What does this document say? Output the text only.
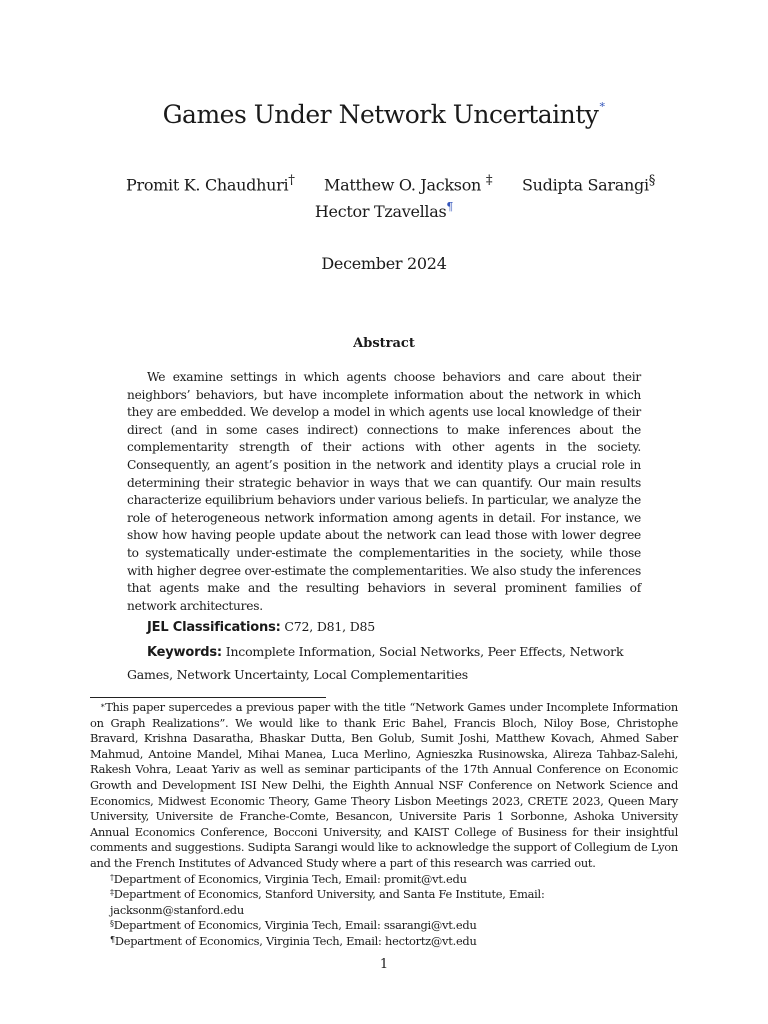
Games Under Network Uncertainty∗
Promit K. Chaudhuri† Matthew O. Jackson ‡ Sudipta Sarangi§
Hector Tzavellas¶
December 2024
Abstract

We examine settings in which agents choose behaviors and care about their neighbors’ behaviors, but have incomplete information about the network in which they are embedded. We develop a model in which agents use local knowledge of their direct (and in some cases indirect) connections to make inferences about the complementarity strength of their actions with other agents in the society. Consequently, an agent’s position in the network and identity plays a crucial role in determining their strategic behavior in ways that we can quantify. Our main results characterize equilibrium behaviors under various beliefs. In particular, we analyze the role of heterogeneous network information among agents in detail. For instance, we show how having people update about the network can lead those with lower degree to systematically under-estimate the complementarities in the society, while those with higher degree over-estimate the complementarities. We also study the inferences that agents make and the resulting behaviors in several prominent families of network architectures.

JEL Classifications: C72, D81, D85

Keywords: Incomplete Information, Social Networks, Peer Effects, Network Games, Network Uncertainty, Local Complementarities

∗This paper supercedes a previous paper with the title “Network Games under Incomplete Information on Graph Realizations”. We would like to thank Eric Bahel, Francis Bloch, Niloy Bose, Christophe Bravard, Krishna Dasaratha, Bhaskar Dutta, Ben Golub, Sumit Joshi, Matthew Kovach, Ahmed Saber Mahmud, Antoine Mandel, Mihai Manea, Luca Merlino, Agnieszka Rusinowska, Alireza Tahbaz-Salehi, Rakesh Vohra, Leaat Yariv as well as seminar participants of the 17th Annual Conference on Economic Growth and Development ISI New Delhi, the Eighth Annual NSF Conference on Network Science and Economics, Midwest Economic Theory, Game Theory Lisbon Meetings 2023, CRETE 2023, Queen Mary University, Universite de Franche-Comte, Besancon, Universite Paris 1 Sorbonne, Ashoka University Annual Economics Conference, Bocconi University, and KAIST College of Business for their insightful comments and suggestions. Sudipta Sarangi would like to acknowledge the support of Collegium de Lyon and the French Institutes of Advanced Study where a part of this research was carried out.

†Department of Economics, Virginia Tech, Email: promit@vt.edu

‡Department of Economics, Stanford University, and Santa Fe Institute, Email: jacksonm@stanford.edu

§Department of Economics, Virginia Tech, Email: ssarangi@vt.edu

¶Department of Economics, Virginia Tech, Email: hectortz@vt.edu

1
